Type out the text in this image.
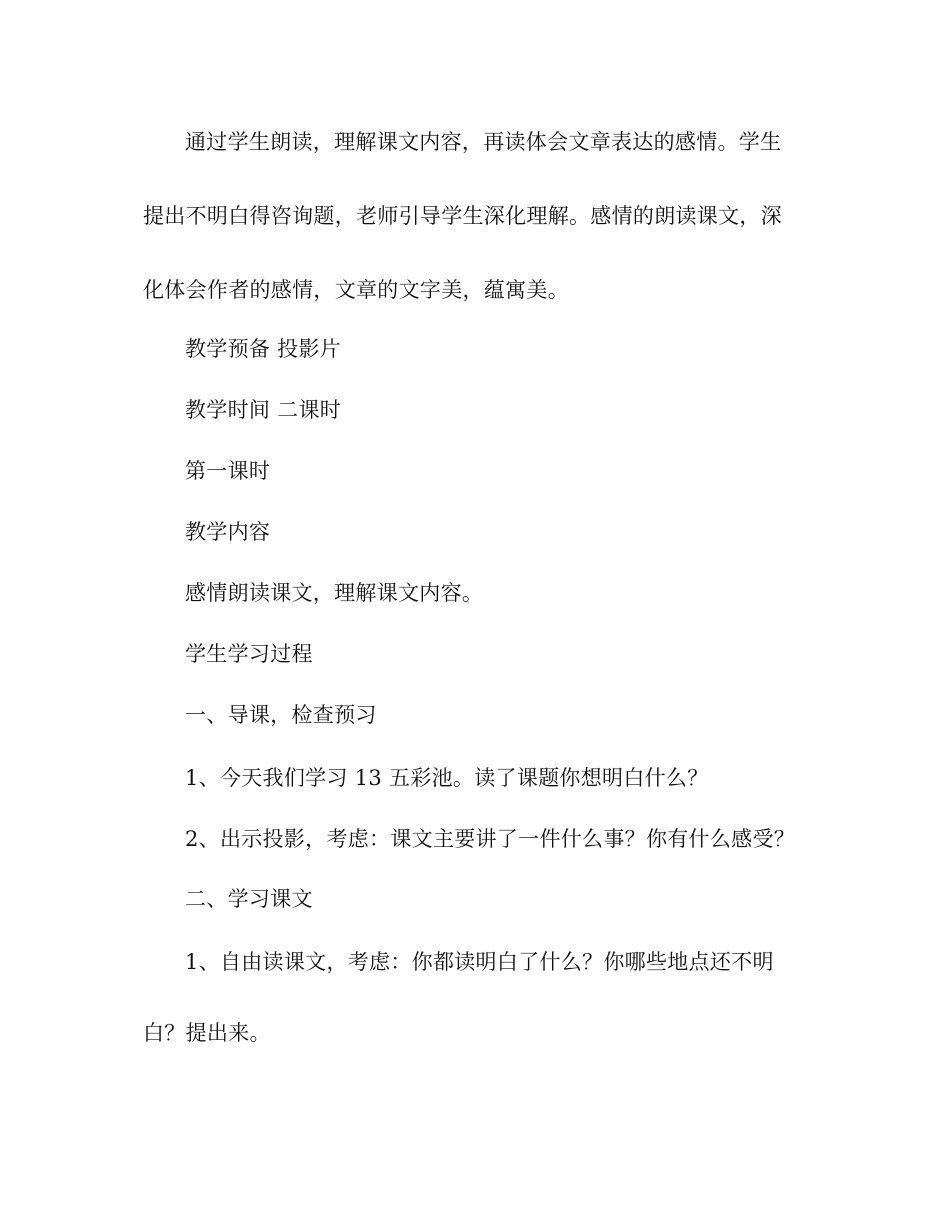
通过学生朗读，理解课文内容，再读体会文章表达的感情。学生
提出不明白得咨询题，老师引导学生深化理解。感情的朗读课文，深
化体会作者的感情，文章的文字美，蕴寓美。
教学预备 投影片
教学时间 二课时
第一课时
教学内容
感情朗读课文，理解课文内容。
学生学习过程
一、导课，检查预习
1、今天我们学习 13 五彩池。读了课题你想明白什么？
2、出示投影，考虑：课文主要讲了一件什么事？你有什么感受？
二、学习课文
1、自由读课文，考虑：你都读明白了什么？你哪些地点还不明
白？提出来。
